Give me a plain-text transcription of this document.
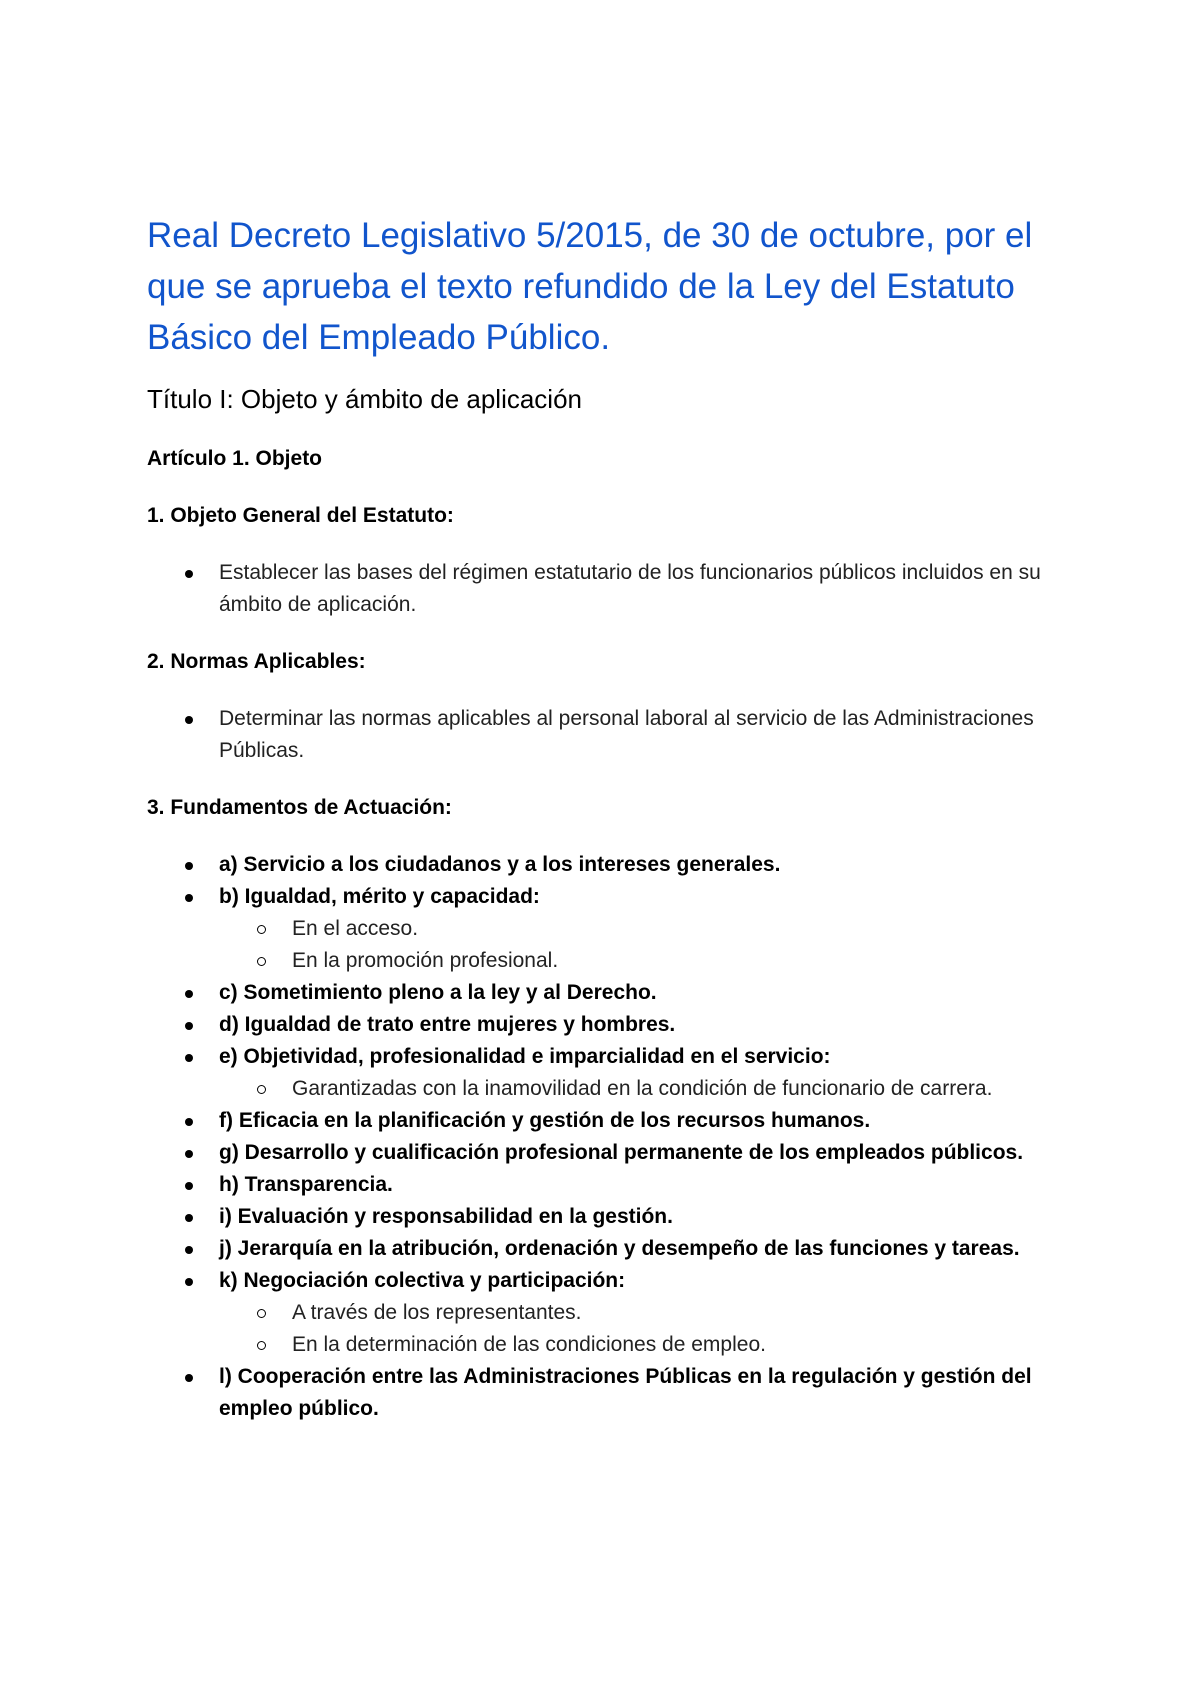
Real Decreto Legislativo 5/2015, de 30 de octubre, por el que se aprueba el texto refundido de la Ley del Estatuto Básico del Empleado Público.
Título I: Objeto y ámbito de aplicación
Artículo 1. Objeto
1. Objeto General del Estatuto:
Establecer las bases del régimen estatutario de los funcionarios públicos incluidos en su ámbito de aplicación.
2. Normas Aplicables:
Determinar las normas aplicables al personal laboral al servicio de las Administraciones Públicas.
3. Fundamentos de Actuación:
a) Servicio a los ciudadanos y a los intereses generales.
b) Igualdad, mérito y capacidad:
En el acceso.
En la promoción profesional.
c) Sometimiento pleno a la ley y al Derecho.
d) Igualdad de trato entre mujeres y hombres.
e) Objetividad, profesionalidad e imparcialidad en el servicio:
Garantizadas con la inamovilidad en la condición de funcionario de carrera.
f) Eficacia en la planificación y gestión de los recursos humanos.
g) Desarrollo y cualificación profesional permanente de los empleados públicos.
h) Transparencia.
i) Evaluación y responsabilidad en la gestión.
j) Jerarquía en la atribución, ordenación y desempeño de las funciones y tareas.
k) Negociación colectiva y participación:
A través de los representantes.
En la determinación de las condiciones de empleo.
l) Cooperación entre las Administraciones Públicas en la regulación y gestión del empleo público.
